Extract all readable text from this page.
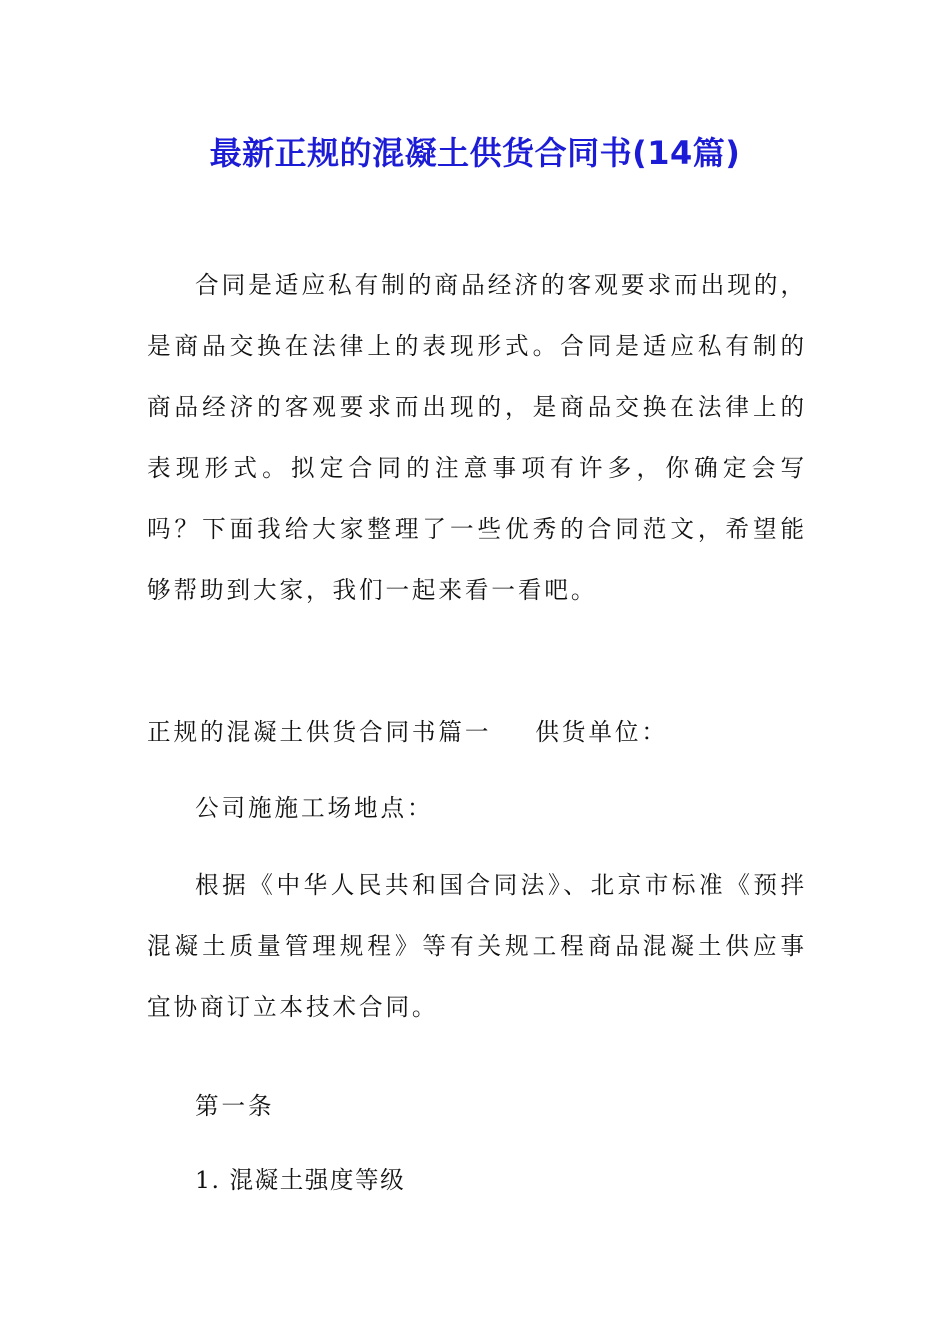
最新正规的混凝土供货合同书(14篇)
合同是适应私有制的商品经济的客观要求而出现的，是商品交换在法律上的表现形式。合同是适应私有制的商品经济的客观要求而出现的，是商品交换在法律上的表现形式。拟定合同的注意事项有许多，你确定会写吗？下面我给大家整理了一些优秀的合同范文，希望能够帮助到大家，我们一起来看一看吧。
正规的混凝土供货合同书篇一 供货单位：
公司施施工场地点：
根据《中华人民共和国合同法》、北京市标准《预拌混凝土质量管理规程》等有关规工程商品混凝土供应事宜协商订立本技术合同。
第一条
1. 混凝土强度等级
